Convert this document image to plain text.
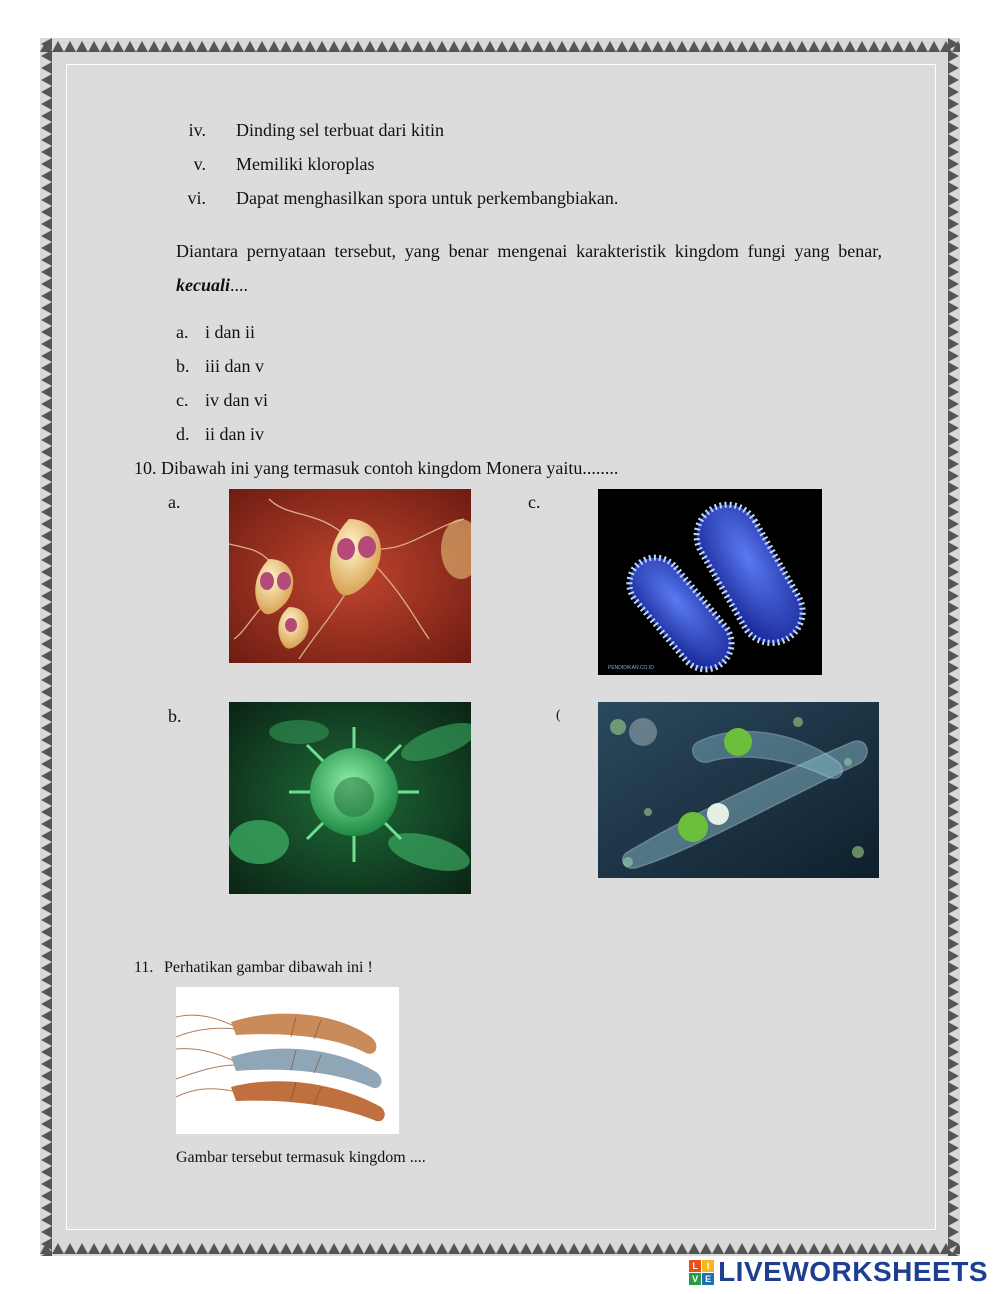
iv. Dinding sel terbuat dari kitin
v. Memiliki kloroplas
vi. Dapat menghasilkan spora untuk perkembangbiakan.
Diantara pernyataan tersebut, yang benar mengenai karakteristik kingdom fungi yang benar, kecuali....
a. i dan ii
b. iii dan v
c. iv dan vi
d. ii dan iv
10. Dibawah ini yang termasuk contoh kingdom Monera yaitu........
a.	c.
b.	(
PENDIDIKAN.CO.ID
11. Perhatikan gambar dibawah ini !
Gambar tersebut termasuk kingdom ....
L I
V E LIVEWORKSHEETS
